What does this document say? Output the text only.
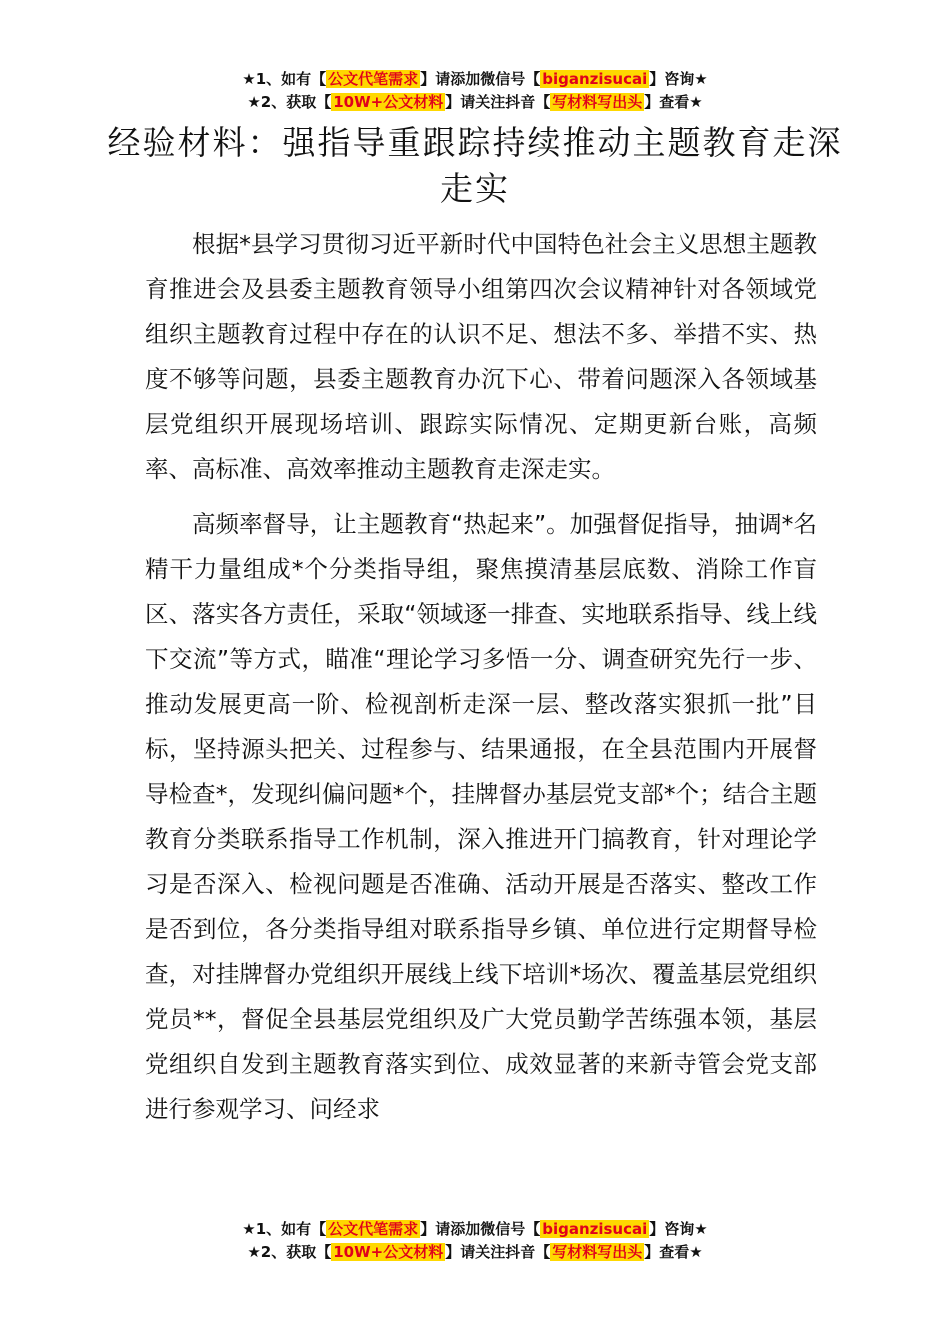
★1、如有【 公文代笔需求 】请添加微信号【 biganzisucai 】咨询★
★2、获取【 10W+公文材料 】请关注抖音【 写材料写出头 】查看★
经验材料：强指导重跟踪持续推动主题教育走深走实

根据*县学习贯彻习近平新时代中国特色社会主义思想主题教育推进会及县委主题教育领导小组第四次会议精神针对各领域党组织主题教育过程中存在的认识不足、想法不多、举措不实、热度不够等问题，县委主题教育办沉下心、带着问题深入各领域基层党组织开展现场培训、跟踪实际情况、定期更新台账，高频率、高标准、高效率推动主题教育走深走实。

高频率督导，让主题教育“热起来”。加强督促指导，抽调*名精干力量组成*个分类指导组，聚焦摸清基层底数、消除工作盲区、落实各方责任，采取“领域逐一排查、实地联系指导、线上线下交流”等方式，瞄准“理论学习多悟一分、调查研究先行一步、推动发展更高一阶、检视剖析走深一层、整改落实狠抓一批”目标，坚持源头把关、过程参与、结果通报，在全县范围内开展督导检查*，发现纠偏问题*个，挂牌督办基层党支部*个；结合主题教育分类联系指导工作机制，深入推进开门搞教育，针对理论学习是否深入、检视问题是否准确、活动开展是否落实、整改工作是否到位，各分类指导组对联系指导乡镇、单位进行定期督导检查，对挂牌督办党组织开展线上线下培训*场次、覆盖基层党组织党员**，督促全县基层党组织及广大党员勤学苦练强本领，基层党组织自发到主题教育落实到位、成效显著的来新寺管会党支部进行参观学习、问经求

★1、如有【 公文代笔需求 】请添加微信号【 biganzisucai 】咨询★
★2、获取【 10W+公文材料 】请关注抖音【 写材料写出头 】查看★
